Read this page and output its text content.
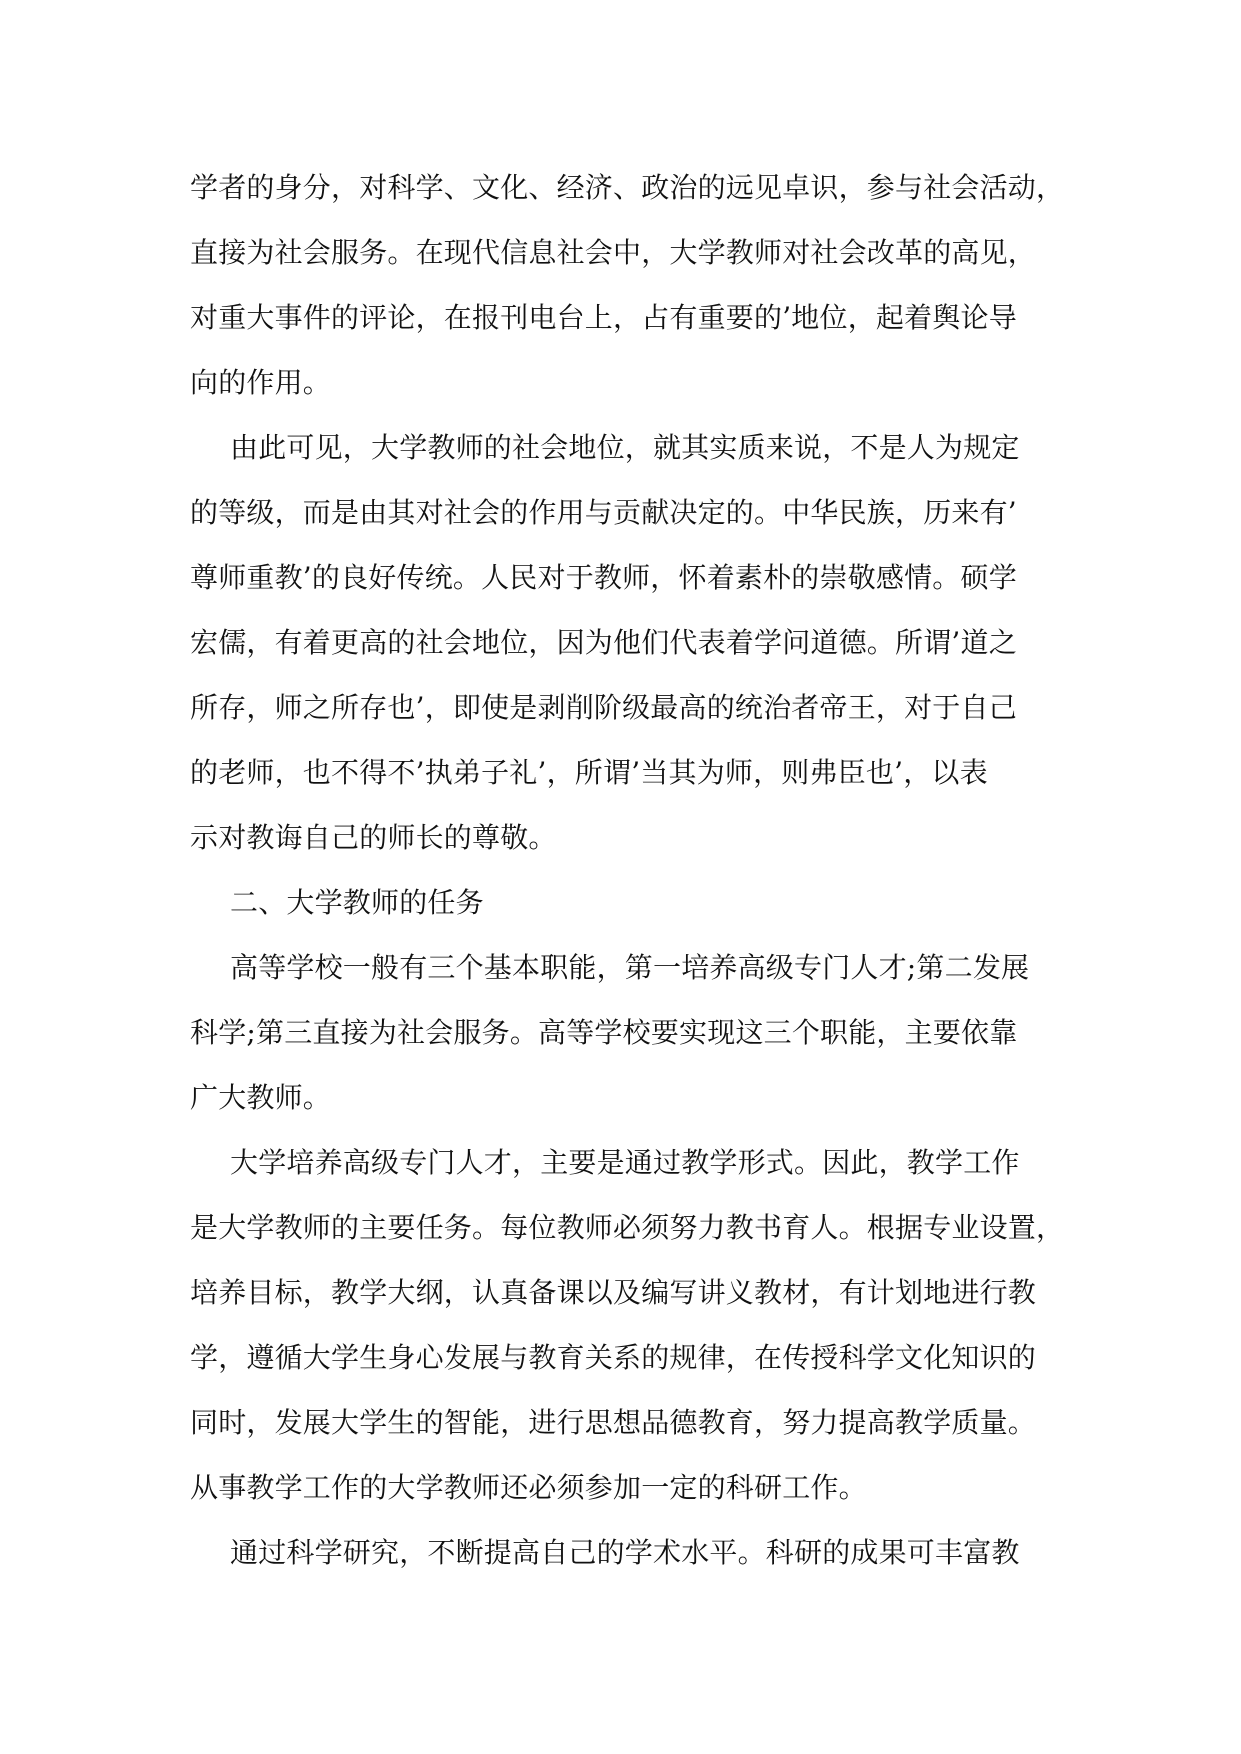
学者的身分，对科学、文化、经济、政治的远见卓识，参与社会活动，
直接为社会服务。在现代信息社会中，大学教师对社会改革的高见，
对重大事件的评论，在报刊电台上，占有重要的’地位，起着舆论导
向的作用。
由此可见，大学教师的社会地位，就其实质来说，不是人为规定
的等级，而是由其对社会的作用与贡献决定的。中华民族，历来有’
尊师重教’的良好传统。人民对于教师，怀着素朴的崇敬感情。硕学
宏儒，有着更高的社会地位，因为他们代表着学问道德。所谓’道之
所存，师之所存也’，即使是剥削阶级最高的统治者帝王，对于自己
的老师，也不得不’执弟子礼’，所谓’当其为师，则弗臣也’，以表
示对教诲自己的师长的尊敬。
二、大学教师的任务
高等学校一般有三个基本职能，第一培养高级专门人才;第二发展
科学;第三直接为社会服务。高等学校要实现这三个职能，主要依靠
广大教师。
大学培养高级专门人才，主要是通过教学形式。因此，教学工作
是大学教师的主要任务。每位教师必须努力教书育人。根据专业设置，
培养目标，教学大纲，认真备课以及编写讲义教材，有计划地进行教
学，遵循大学生身心发展与教育关系的规律，在传授科学文化知识的
同时，发展大学生的智能，进行思想品德教育，努力提高教学质量。
从事教学工作的大学教师还必须参加一定的科研工作。
通过科学研究，不断提高自己的学术水平。科研的成果可丰富教
